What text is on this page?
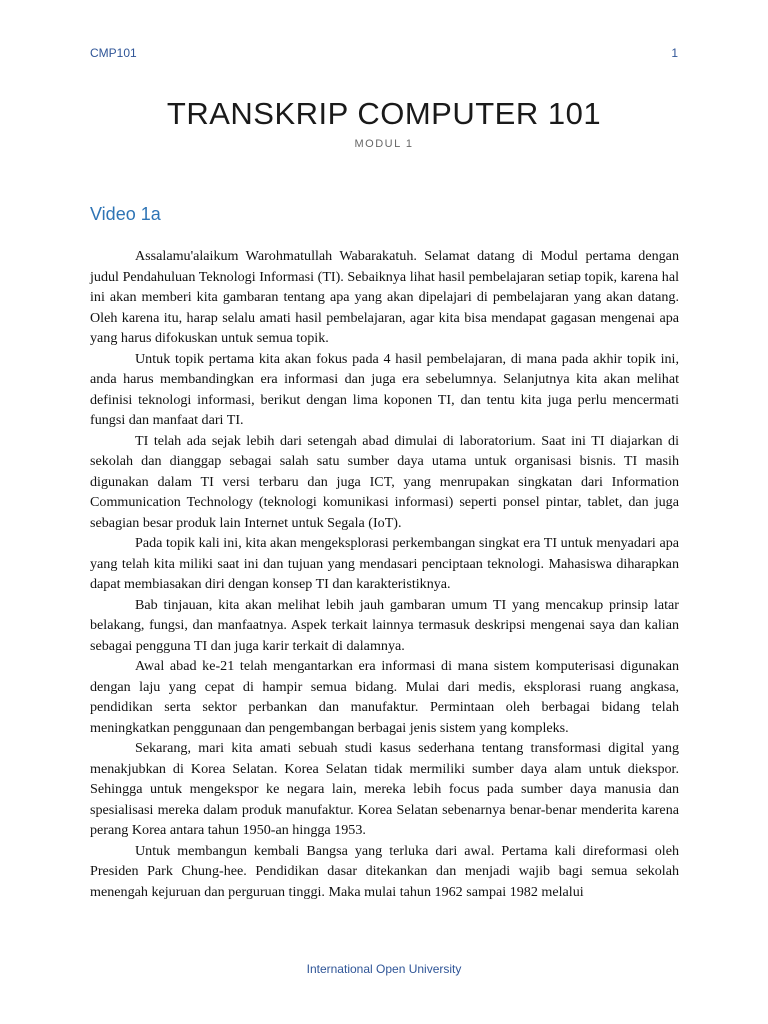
CMP101	1
TRANSKRIP COMPUTER 101
MODUL 1
Video 1a

Assalamu'alaikum Warohmatullah Wabarakatuh. Selamat datang di Modul pertama dengan judul Pendahuluan Teknologi Informasi (TI). Sebaiknya lihat hasil pembelajaran setiap topik, karena hal ini akan memberi kita gambaran tentang apa yang akan dipelajari di pembelajaran yang akan datang. Oleh karena itu, harap selalu amati hasil pembelajaran, agar kita bisa mendapat gagasan mengenai apa yang harus difokuskan untuk semua topik.

Untuk topik pertama kita akan fokus pada 4 hasil pembelajaran, di mana pada akhir topik ini, anda harus membandingkan era informasi dan juga era sebelumnya. Selanjutnya kita akan melihat definisi teknologi informasi, berikut dengan lima koponen TI, dan tentu kita juga perlu mencermati fungsi dan manfaat dari TI.

TI telah ada sejak lebih dari setengah abad dimulai di laboratorium. Saat ini TI diajarkan di sekolah dan dianggap sebagai salah satu sumber daya utama untuk organisasi bisnis. TI masih digunakan dalam TI versi terbaru dan juga ICT, yang menrupakan singkatan dari Information Communication Technology (teknologi komunikasi informasi) seperti ponsel pintar, tablet, dan juga sebagian besar produk lain Internet untuk Segala (IoT).

Pada topik kali ini, kita akan mengeksplorasi perkembangan singkat era TI untuk menyadari apa yang telah kita miliki saat ini dan tujuan yang mendasari penciptaan teknologi. Mahasiswa diharapkan dapat membiasakan diri dengan konsep TI dan karakteristiknya.

Bab tinjauan, kita akan melihat lebih jauh gambaran umum TI yang mencakup prinsip latar belakang, fungsi, dan manfaatnya. Aspek terkait lainnya termasuk deskripsi mengenai saya dan kalian sebagai pengguna TI dan juga karir terkait di dalamnya.

Awal abad ke-21 telah mengantarkan era informasi di mana sistem komputerisasi digunakan dengan laju yang cepat di hampir semua bidang. Mulai dari medis, eksplorasi ruang angkasa, pendidikan serta sektor perbankan dan manufaktur. Permintaan oleh berbagai bidang telah meningkatkan penggunaan dan pengembangan berbagai jenis sistem yang kompleks.

Sekarang, mari kita amati sebuah studi kasus sederhana tentang transformasi digital yang menakjubkan di Korea Selatan. Korea Selatan tidak mermiliki sumber daya alam untuk diekspor. Sehingga untuk mengekspor ke negara lain, mereka lebih focus pada sumber daya manusia dan spesialisasi mereka dalam produk manufaktur. Korea Selatan sebenarnya benar-benar menderita karena perang Korea antara tahun 1950-an hingga 1953.

Untuk membangun kembali Bangsa yang terluka dari awal. Pertama kali direformasi oleh Presiden Park Chung-hee. Pendidikan dasar ditekankan dan menjadi wajib bagi semua sekolah menengah kejuruan dan perguruan tinggi. Maka mulai tahun 1962 sampai 1982 melalui

International Open University
